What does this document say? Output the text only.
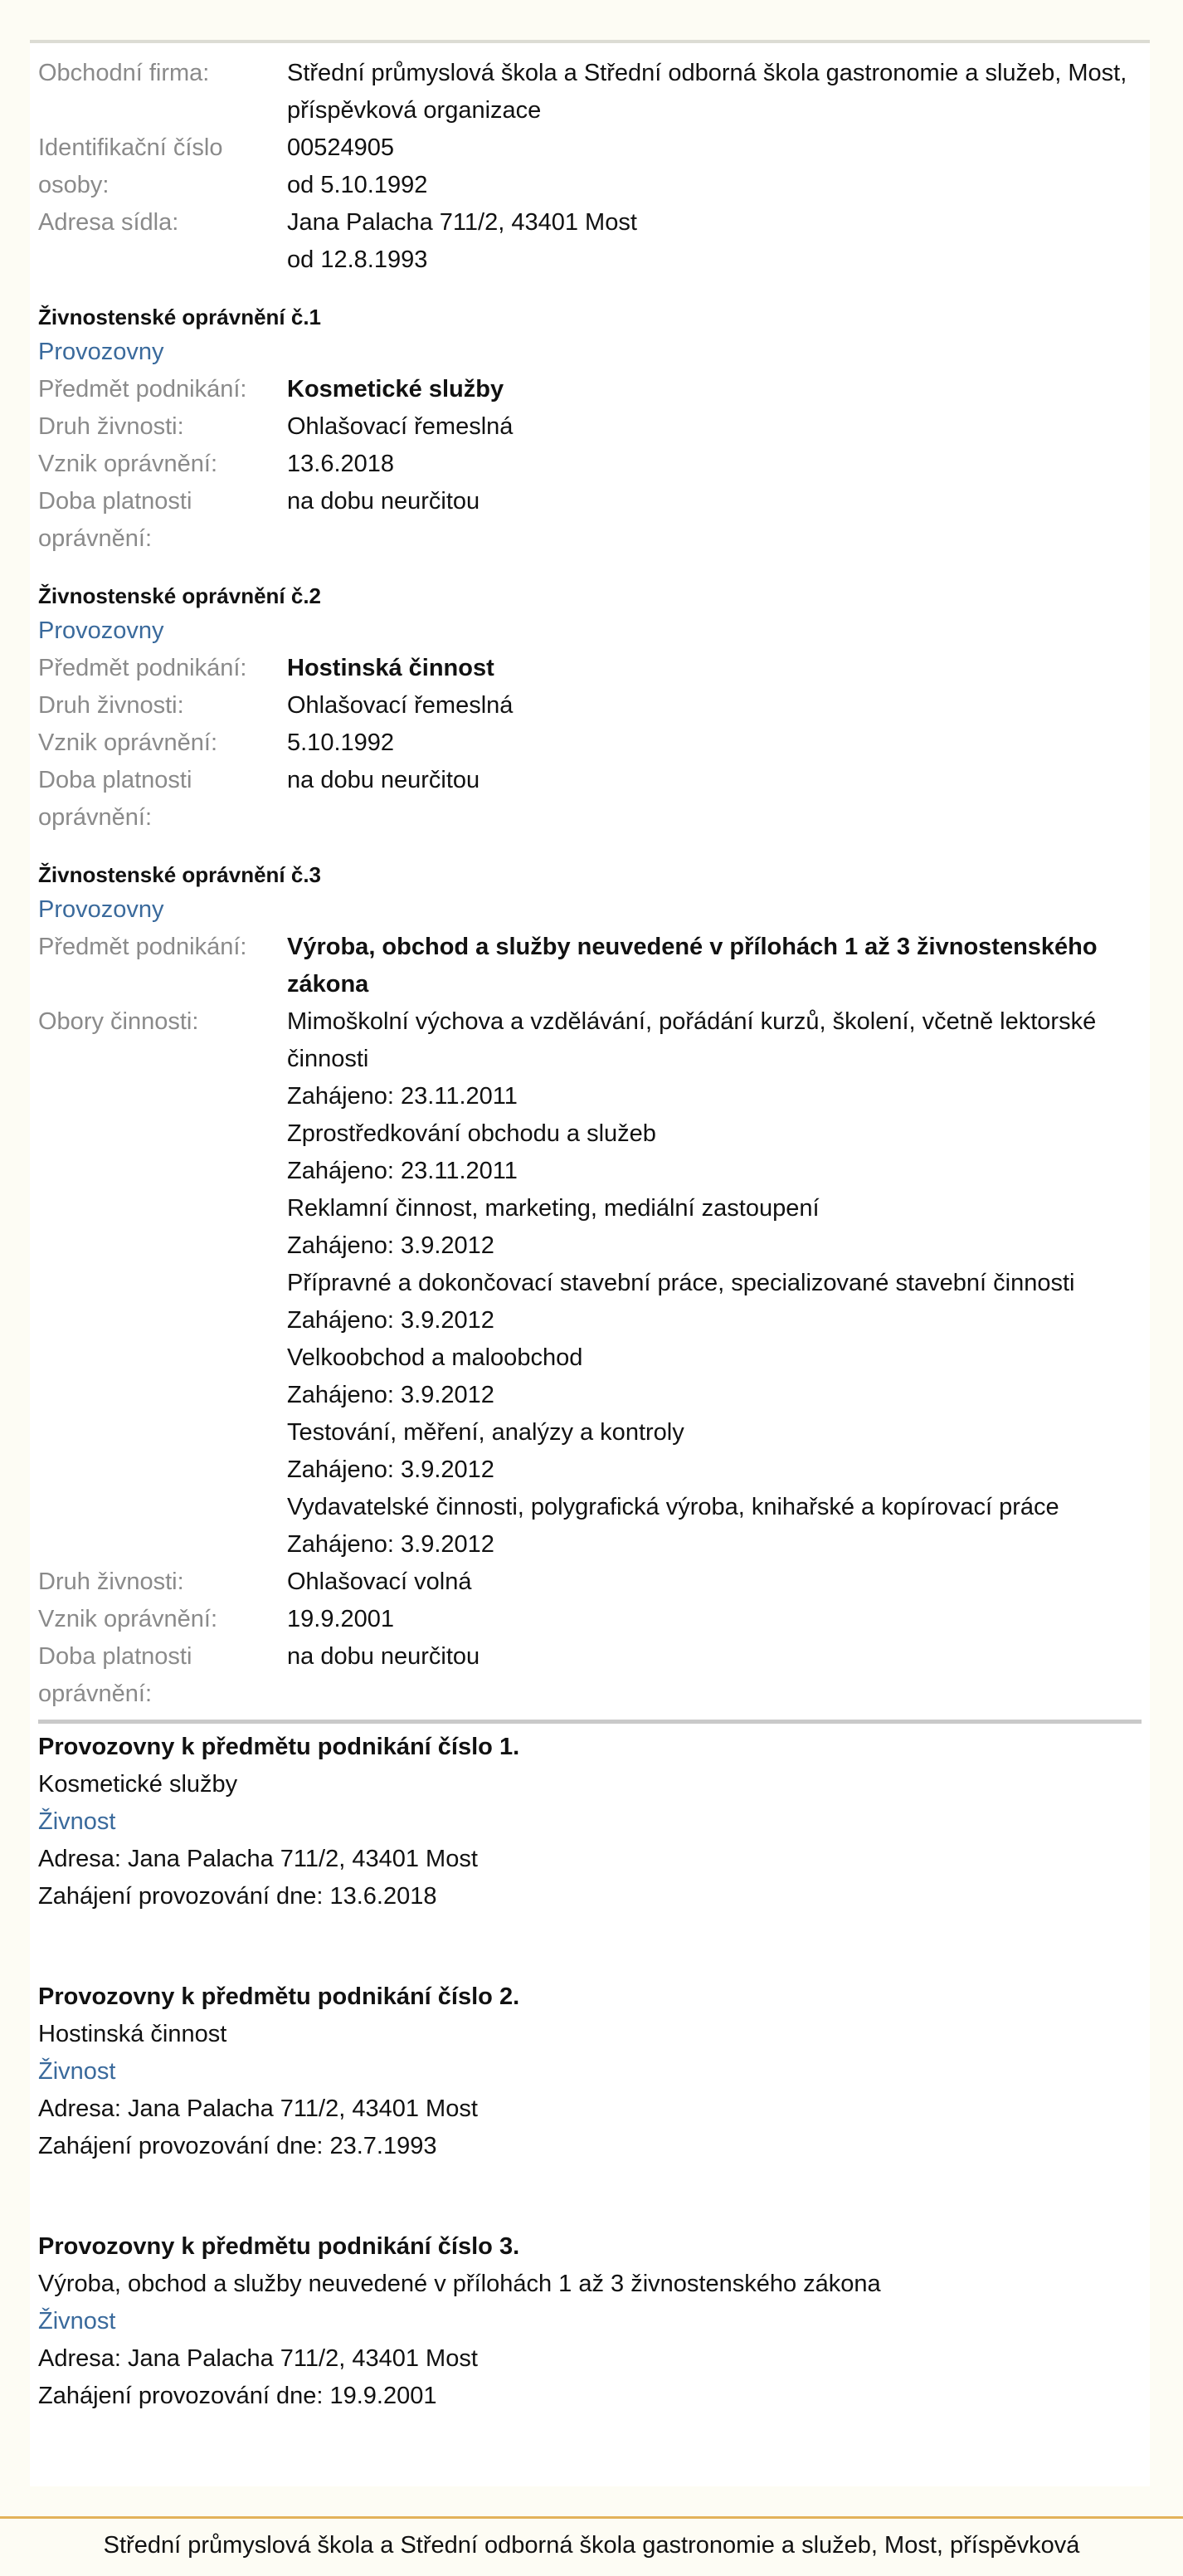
Obchodní firma:	Střední průmyslová škola a Střední odborná škola gastronomie a služeb, Most, příspěvková organizace
Identifikační číslo osoby:
00524905
od 5.10.1992
Adresa sídla:	Jana Palacha 711/2, 43401 Most
od 12.8.1993
Živnostenské oprávnění č.1
Provozovny
Předmět podnikání:	Kosmetické služby
Druh živnosti:	Ohlašovací řemeslná
Vznik oprávnění:	13.6.2018
Doba platnosti oprávnění:
na dobu neurčitou
Živnostenské oprávnění č.2
Provozovny
Předmět podnikání:	Hostinská činnost
Druh živnosti:	Ohlašovací řemeslná
Vznik oprávnění:	5.10.1992
Doba platnosti oprávnění:
na dobu neurčitou
Živnostenské oprávnění č.3
Provozovny
Předmět podnikání:	Výroba, obchod a služby neuvedené v přílohách 1 až 3 živnostenského zákona
Obory činnosti:	Mimoškolní výchova a vzdělávání, pořádání kurzů, školení, včetně lektorské činnosti
Zahájeno: 23.11.2011
Zprostředkování obchodu a služeb
Zahájeno: 23.11.2011
Reklamní činnost, marketing, mediální zastoupení
Zahájeno: 3.9.2012
Přípravné a dokončovací stavební práce, specializované stavební činnosti
Zahájeno: 3.9.2012
Velkoobchod a maloobchod
Zahájeno: 3.9.2012
Testování, měření, analýzy a kontroly
Zahájeno: 3.9.2012
Vydavatelské činnosti, polygrafická výroba, knihařské a kopírovací práce
Zahájeno: 3.9.2012
Druh živnosti:	Ohlašovací volná
Vznik oprávnění:	19.9.2001
Doba platnosti oprávnění:
na dobu neurčitou
Provozovny k předmětu podnikání číslo 1.
Kosmetické služby
Živnost
Adresa: Jana Palacha 711/2, 43401 Most
Zahájení provozování dne: 13.6.2018
Provozovny k předmětu podnikání číslo 2.
Hostinská činnost
Živnost
Adresa: Jana Palacha 711/2, 43401 Most
Zahájení provozování dne: 23.7.1993
Provozovny k předmětu podnikání číslo 3.
Výroba, obchod a služby neuvedené v přílohách 1 až 3 živnostenského zákona
Živnost
Adresa: Jana Palacha 711/2, 43401 Most
Zahájení provozování dne: 19.9.2001
Střední průmyslová škola a Střední odborná škola gastronomie a služeb, Most, příspěvková
